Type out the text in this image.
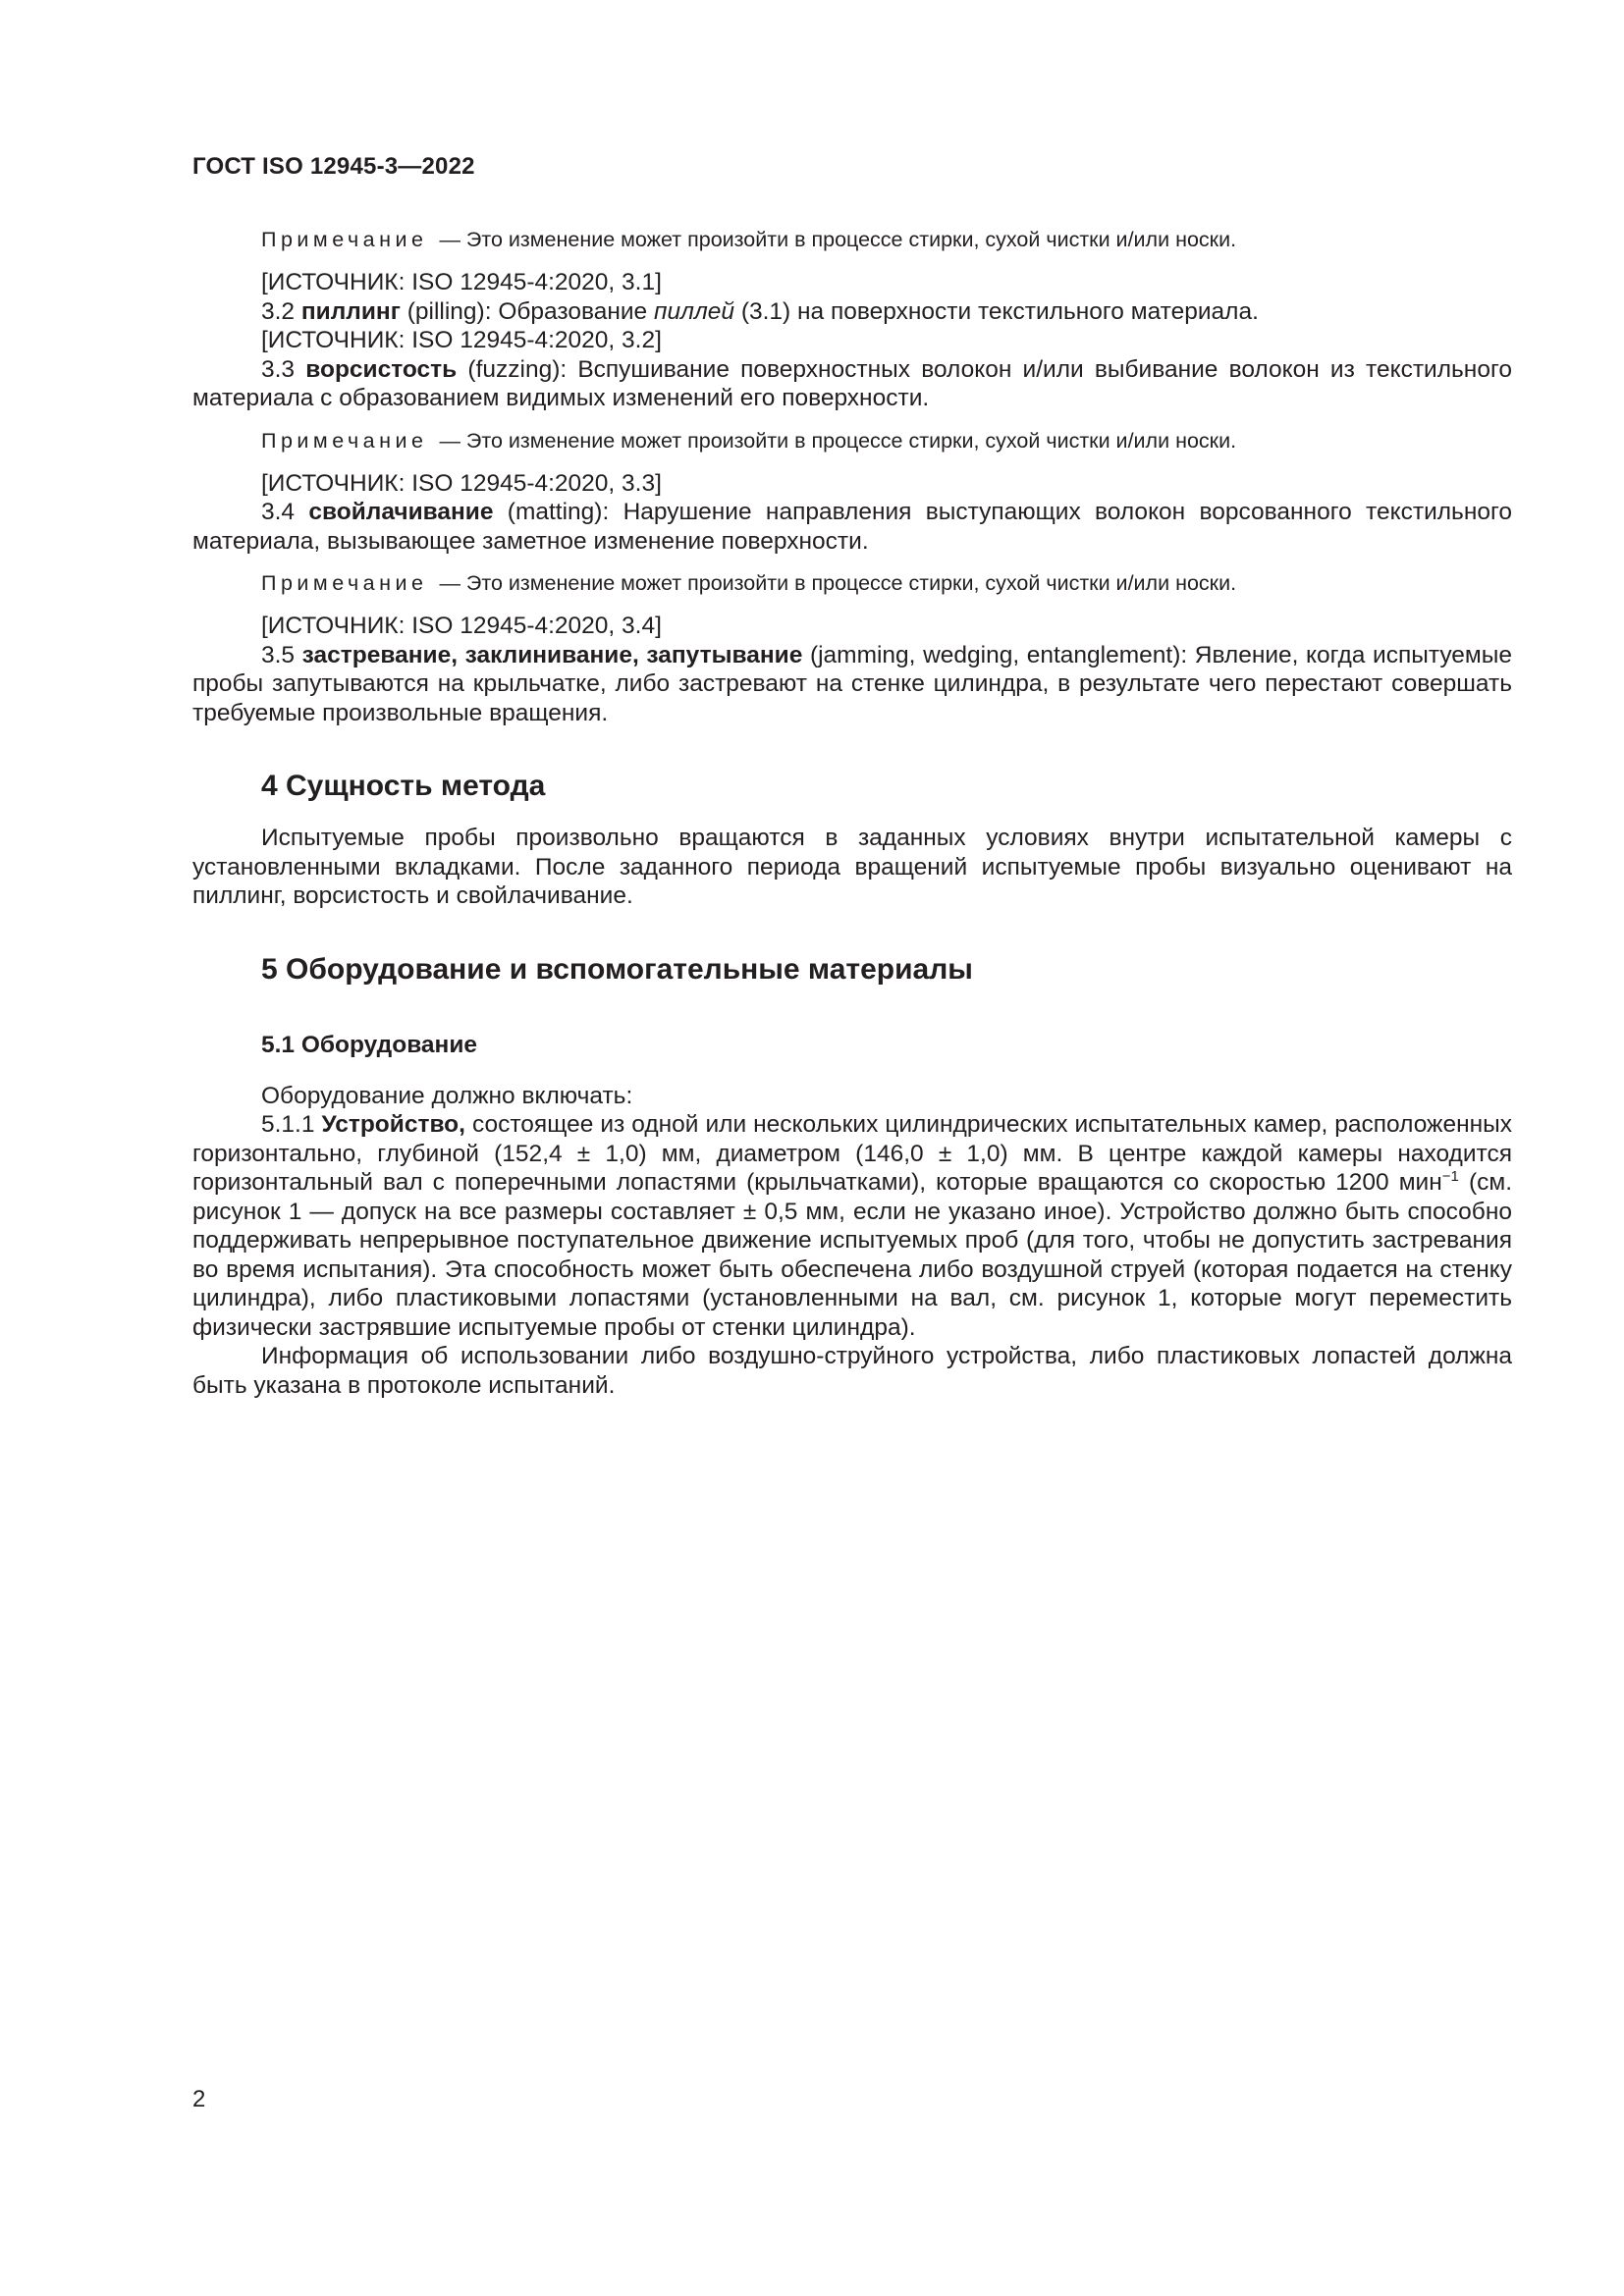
ГОСТ ISO 12945-3—2022

Примечание — Это изменение может произойти в процессе стирки, сухой чистки и/или носки.

[ИСТОЧНИК: ISO 12945-4:2020, 3.1]

3.2 пиллинг (pilling): Образование пиллей (3.1) на поверхности текстильного материала.

[ИСТОЧНИК: ISO 12945-4:2020, 3.2]

3.3 ворсистость (fuzzing): Вспушивание поверхностных волокон и/или выбивание волокон из текстильного материала с образованием видимых изменений его поверхности.

Примечание — Это изменение может произойти в процессе стирки, сухой чистки и/или носки.

[ИСТОЧНИК: ISO 12945-4:2020, 3.3]

3.4 свойлачивание (matting): Нарушение направления выступающих волокон ворсованного текстильного материала, вызывающее заметное изменение поверхности.

Примечание — Это изменение может произойти в процессе стирки, сухой чистки и/или носки.

[ИСТОЧНИК: ISO 12945-4:2020, 3.4]

3.5 застревание, заклинивание, запутывание (jamming, wedging, entanglement): Явление, когда испытуемые пробы запутываются на крыльчатке, либо застревают на стенке цилиндра, в результате чего перестают совершать требуемые произвольные вращения.

4 Сущность метода

Испытуемые пробы произвольно вращаются в заданных условиях внутри испытательной камеры с установленными вкладками. После заданного периода вращений испытуемые пробы визуально оценивают на пиллинг, ворсистость и свойлачивание.

5 Оборудование и вспомогательные материалы
5.1 Оборудование

Оборудование должно включать:

5.1.1 Устройство, состоящее из одной или нескольких цилиндрических испытательных камер, расположенных горизонтально, глубиной (152,4 ± 1,0) мм, диаметром (146,0 ± 1,0) мм. В центре каждой камеры находится горизонтальный вал с поперечными лопастями (крыльчатками), которые вращаются со скоростью 1200 мин$^{-1}$ (см. рисунок 1 — допуск на все размеры составляет ± 0,5 мм, если не указано иное). Устройство должно быть способно поддерживать непрерывное поступательное движение испытуемых проб (для того, чтобы не допустить застревания во время испытания). Эта способность может быть обеспечена либо воздушной струей (которая подается на стенку цилиндра), либо пластиковыми лопастями (установленными на вал, см. рисунок 1, которые могут переместить физически застрявшие испытуемые пробы от стенки цилиндра).

Информация об использовании либо воздушно-струйного устройства, либо пластиковых лопастей должна быть указана в протоколе испытаний.

2
